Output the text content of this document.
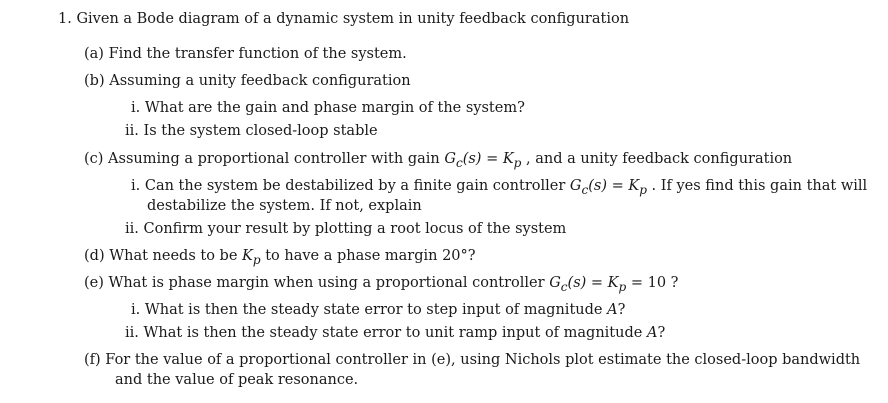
1. Given a Bode diagram of a dynamic system in unity feedback configuration
(a) Find the transfer function of the system.
(b) Assuming a unity feedback configuration
i. What are the gain and phase margin of the system?
ii. Is the system closed-loop stable
(c) Assuming a proportional controller with gain $G_c(s) = K_p$ , and a unity feedback configuration
i. Can the system be destabilized by a finite gain controller $G_c(s) = K_p$ . If yes find this gain that will
destabilize the system. If not, explain
ii. Confirm your result by plotting a root locus of the system
(d) What needs to be $K_p$ to have a phase margin 20°?
(e) What is phase margin when using a proportional controller $G_c(s) = K_p = 10$ ?
i. What is then the steady state error to step input of magnitude A?
ii. What is then the steady state error to unit ramp input of magnitude A?
(f) For the value of a proportional controller in (e), using Nichols plot estimate the closed-loop bandwidth
and the value of peak resonance.
